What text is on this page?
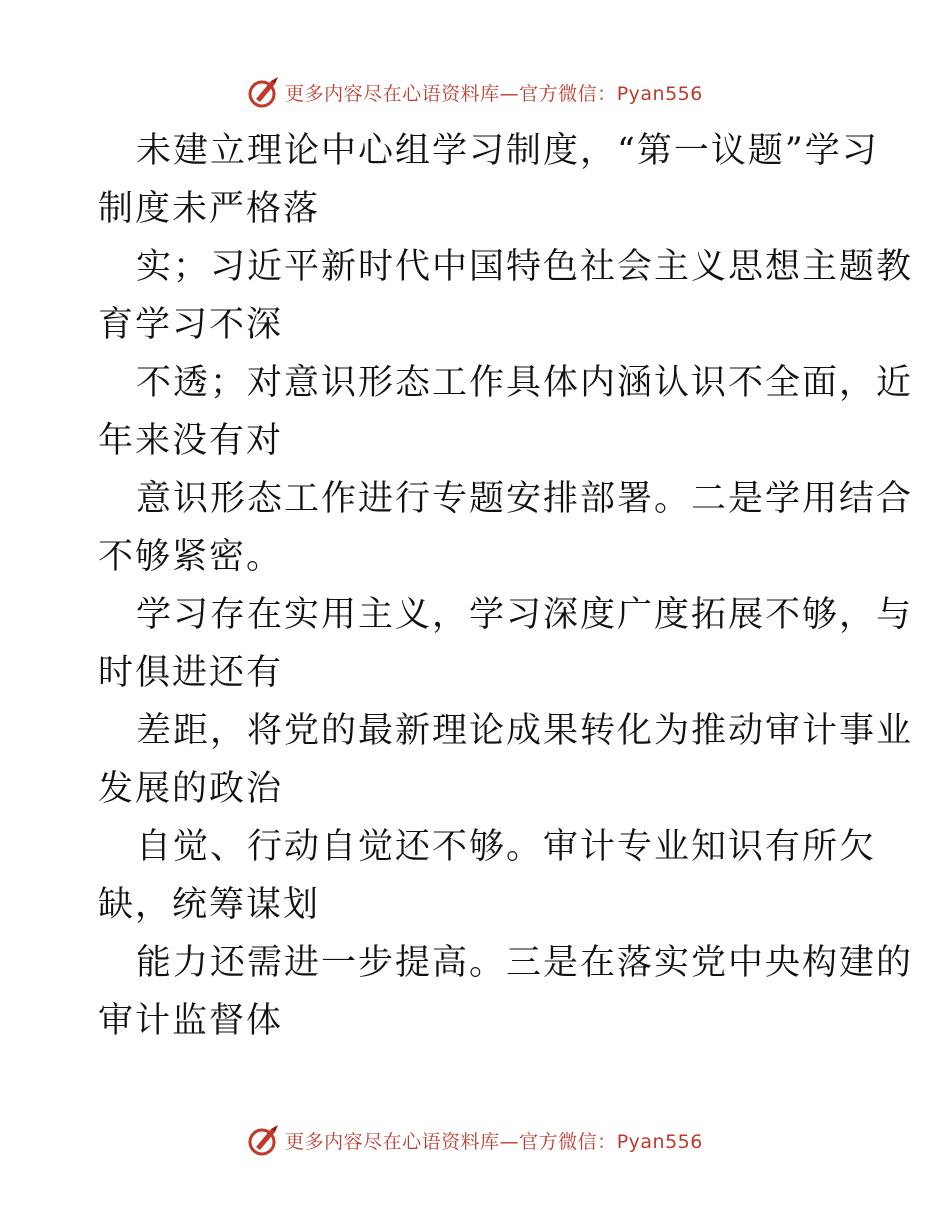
更多内容尽在心语资料库—官方微信：Pyan556
未建立理论中心组学习制度，“第一议题”学习
制度未严格落
实；习近平新时代中国特色社会主义思想主题教
育学习不深
不透；对意识形态工作具体内涵认识不全面，近
年来没有对
意识形态工作进行专题安排部署。二是学用结合
不够紧密。
学习存在实用主义，学习深度广度拓展不够，与
时俱进还有
差距，将党的最新理论成果转化为推动审计事业
发展的政治
自觉、行动自觉还不够。审计专业知识有所欠
缺，统筹谋划
能力还需进一步提高。三是在落实党中央构建的
审计监督体
更多内容尽在心语资料库—官方微信：Pyan556
